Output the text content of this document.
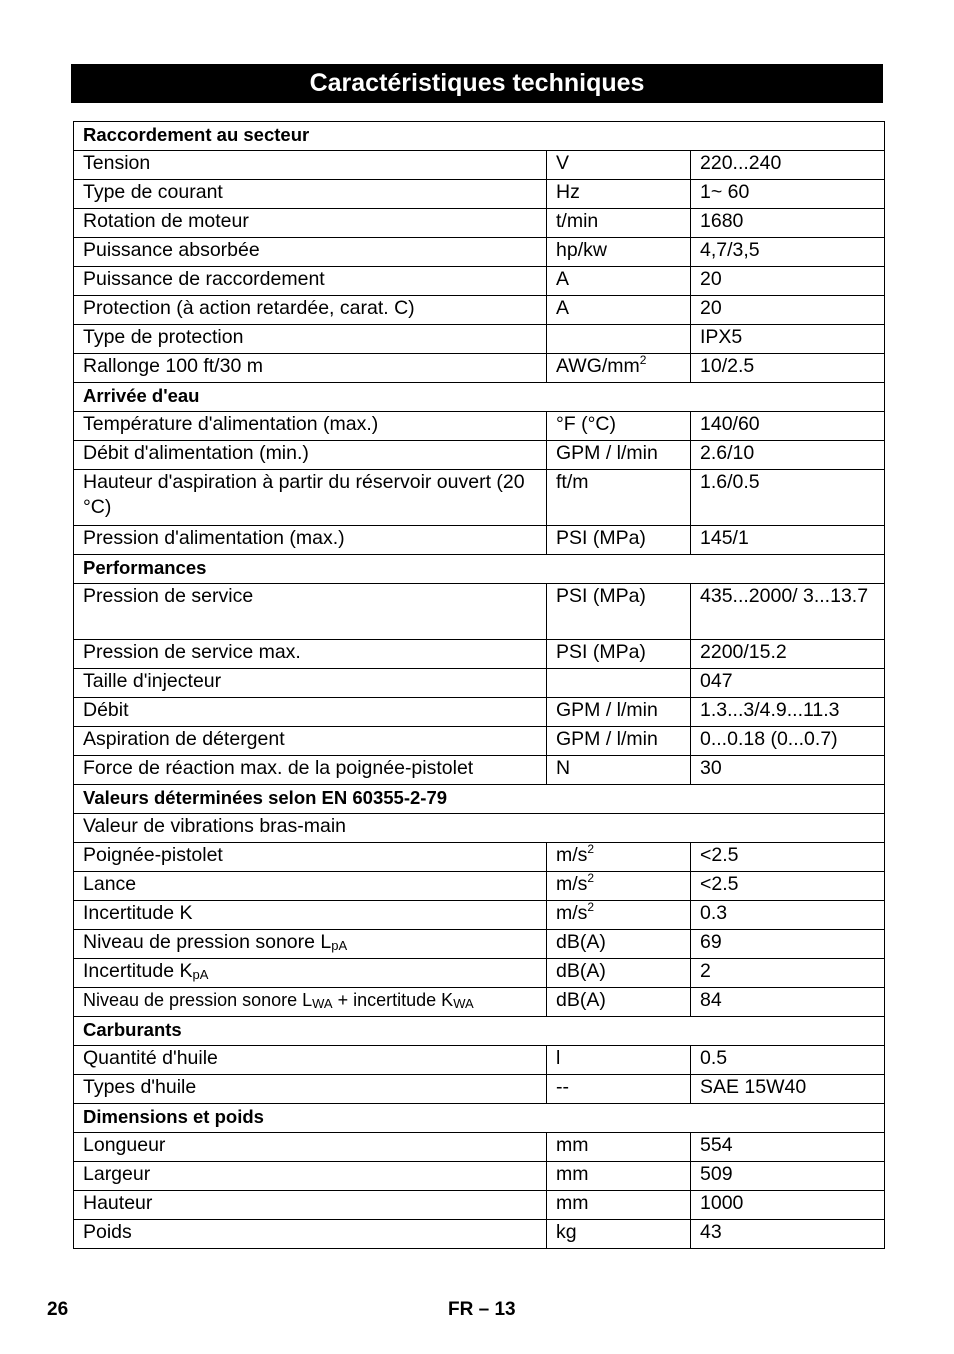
Caractéristiques techniques
Raccordement au secteur		
Tension	V	220...240
Type de courant	Hz	1~ 60
Rotation de moteur	t/min	1680
Puissance absorbée	hp/kw	4,7/3,5
Puissance de raccordement	A	20
Protection (à action retardée, carat. C)	A	20
Type de protection		IPX5
Rallonge 100 ft/30 m	AWG/$mm^2$	10/2.5
Arrivée d'eau		
Température d'alimentation (max.)	°F (°C)	140/60
Débit d'alimentation (min.)	GPM / l/min	2.6/10
Hauteur d'aspiration à partir du réservoir ouvert (20 °C)	ft/m	1.6/0.5
Pression d'alimentation (max.)	PSI (MPa)	145/1
Performances		
Pression de service	PSI (MPa)	435...2000/ 3...13.7
Pression de service max.	PSI (MPa)	2200/15.2
Taille d'injecteur		047
Débit	GPM / l/min	1.3...3/4.9...11.3
Aspiration de détergent	GPM / l/min	0...0.18 (0...0.7)
Force de réaction max. de la poignée-pistolet	N	30
Valeurs déterminées selon EN 60355-2-79		
Valeur de vibrations bras-main		
Poignée-pistolet	$m/s^2$	<2.5
Lance	$m/s^2$	<2.5
Incertitude K	$m/s^2$	0.3
Niveau de pression sonore $L_{pA}$	dB(A)	69
Incertitude $K_{pA}$	dB(A)	2
Niveau de pression sonore $L_{WA}$ + incertitude $K_{WA}$	dB(A)	84
Carburants		
Quantité d'huile	l	0.5
Types d'huile	--	SAE 15W40
Dimensions et poids		
Longueur	mm	554
Largeur	mm	509
Hauteur	mm	1000
Poids	kg	43
26	FR – 13
